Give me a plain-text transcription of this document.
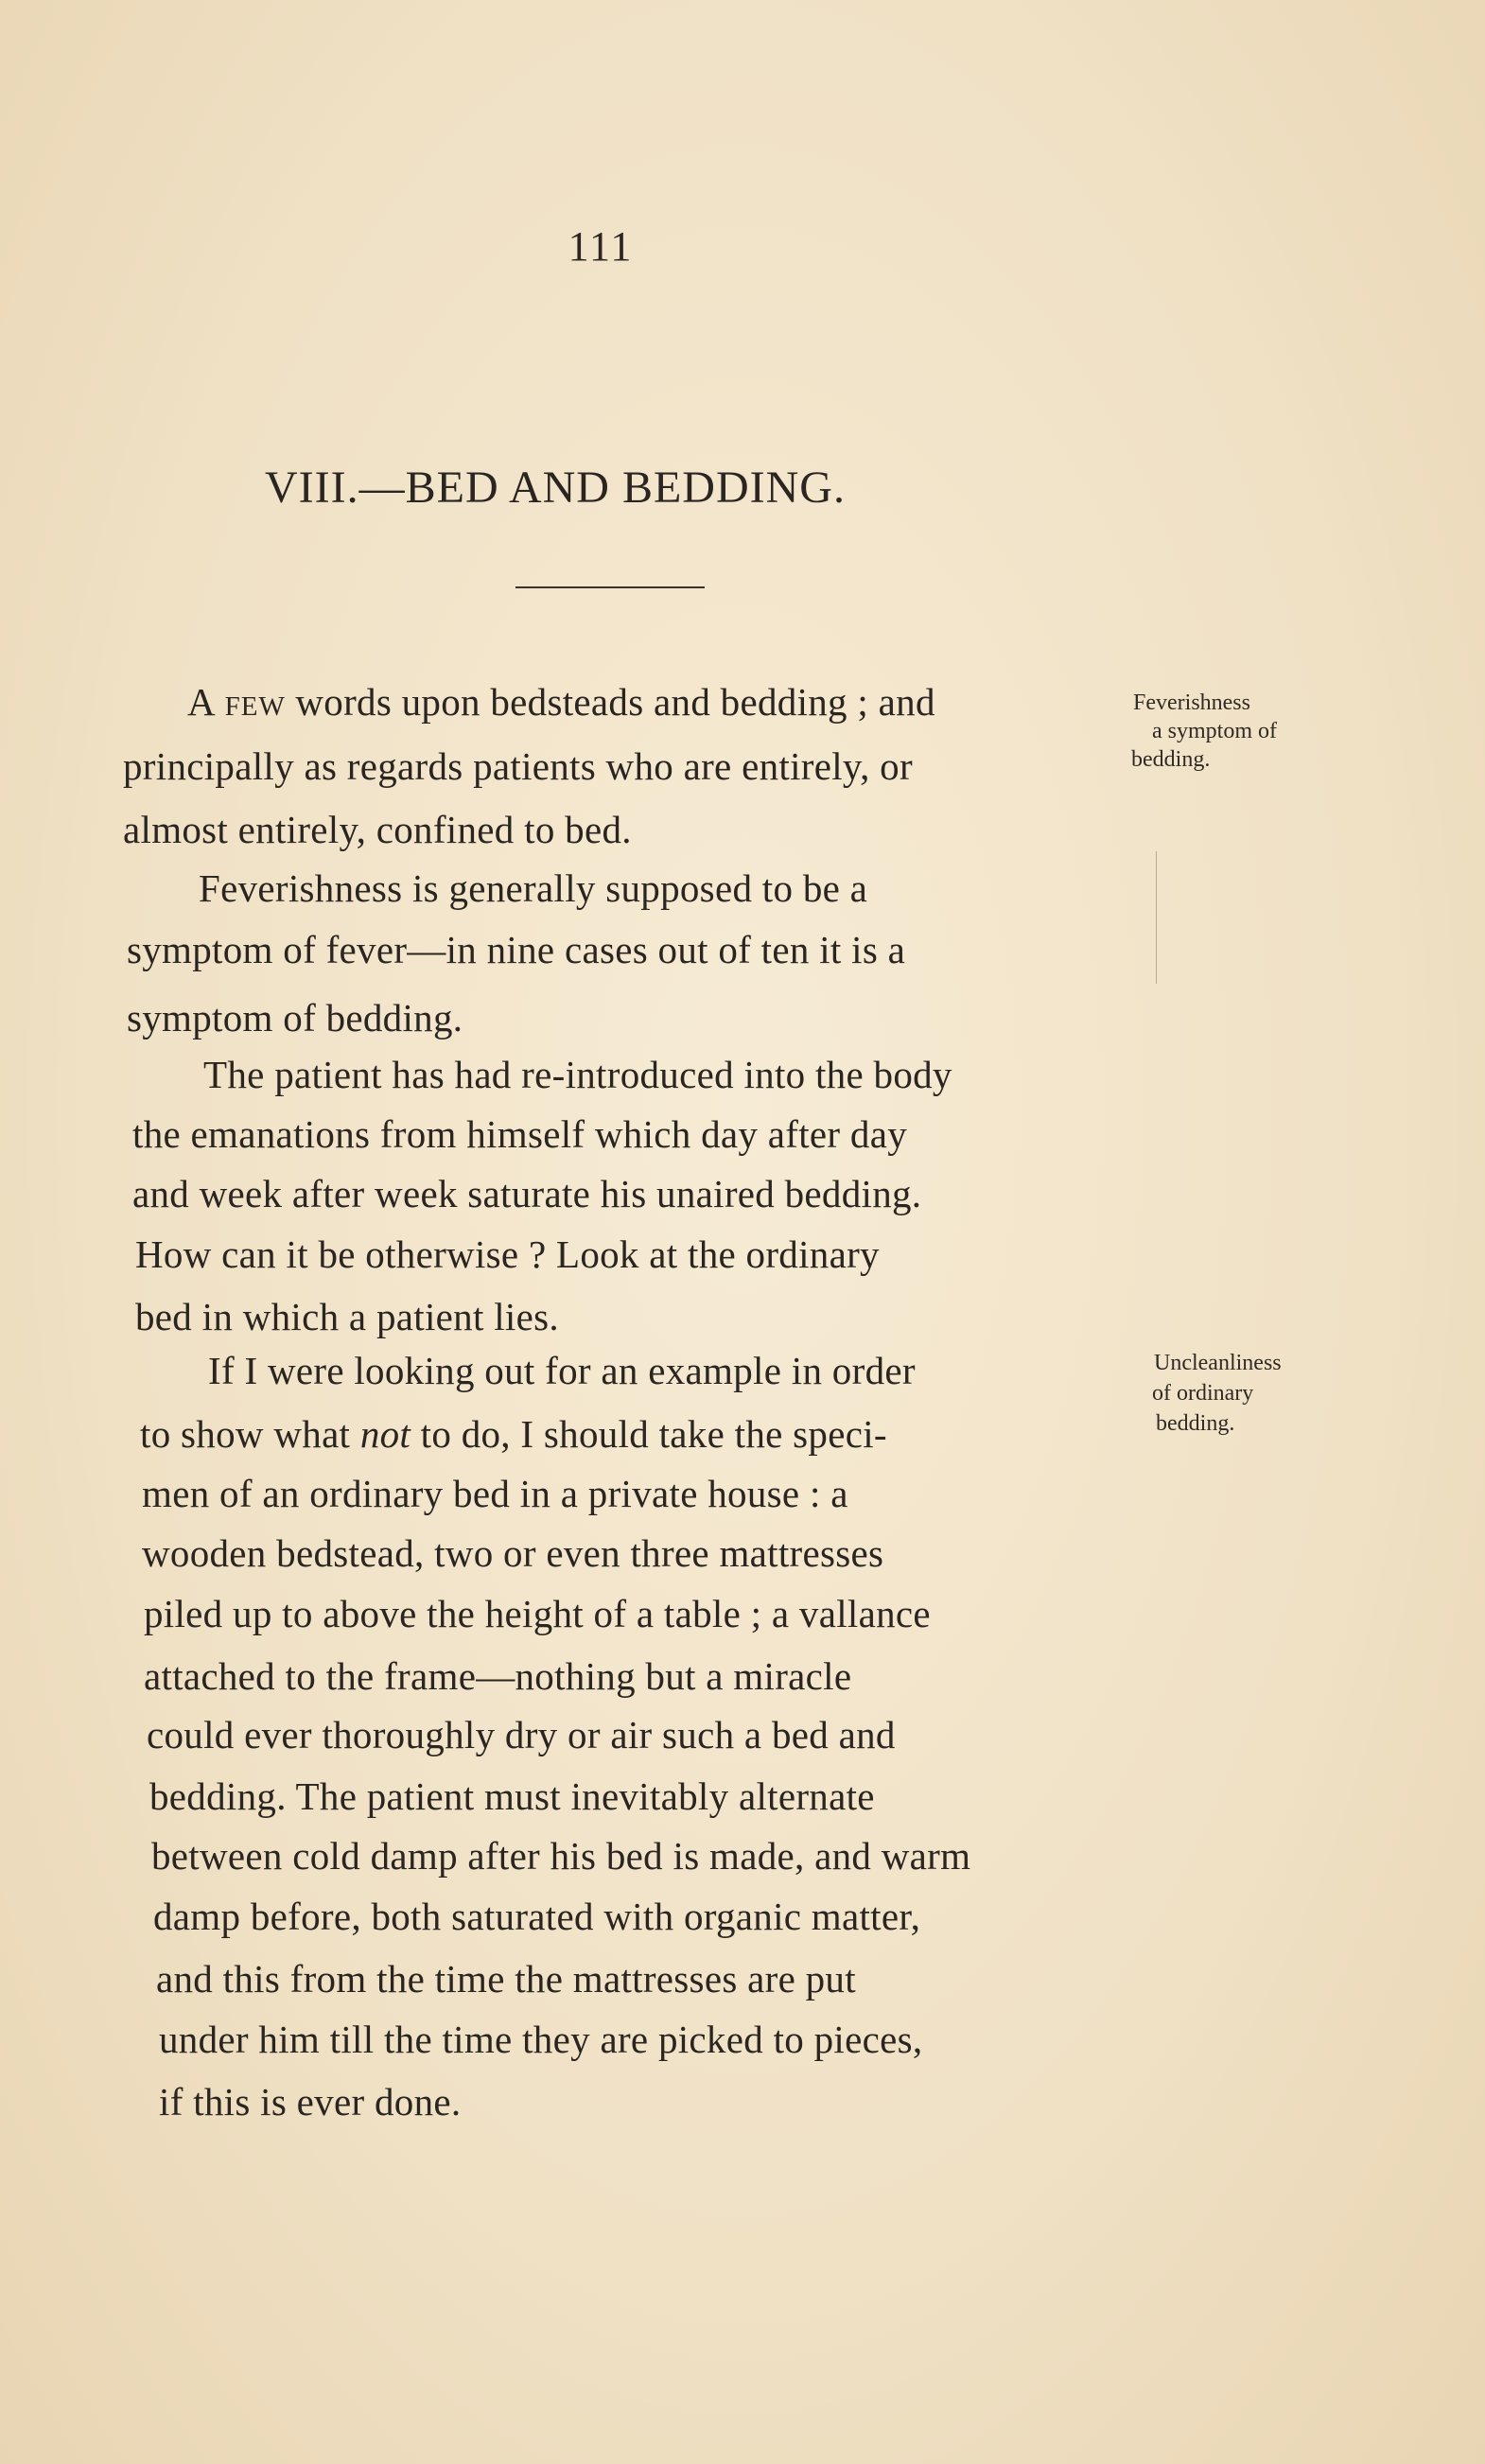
111
VIII.—BED AND BEDDING.
A few words upon bedsteads and bedding ; and
principally as regards patients who are entirely, or
almost entirely, confined to bed.
Feverishness is generally supposed to be a
symptom of fever—in nine cases out of ten it is a
symptom of bedding.
The patient has had re-introduced into the body
the emanations from himself which day after day
and week after week saturate his unaired bedding.
How can it be otherwise ? Look at the ordinary
bed in which a patient lies.
If I were looking out for an example in order
to show what not to do, I should take the speci-
men of an ordinary bed in a private house : a
wooden bedstead, two or even three mattresses
piled up to above the height of a table ; a vallance
attached to the frame—nothing but a miracle
could ever thoroughly dry or air such a bed and
bedding. The patient must inevitably alternate
between cold damp after his bed is made, and warm
damp before, both saturated with organic matter,
and this from the time the mattresses are put
under him till the time they are picked to pieces,
if this is ever done.
Feverishness
a symptom of
bedding.
Uncleanliness
of ordinary
bedding.
